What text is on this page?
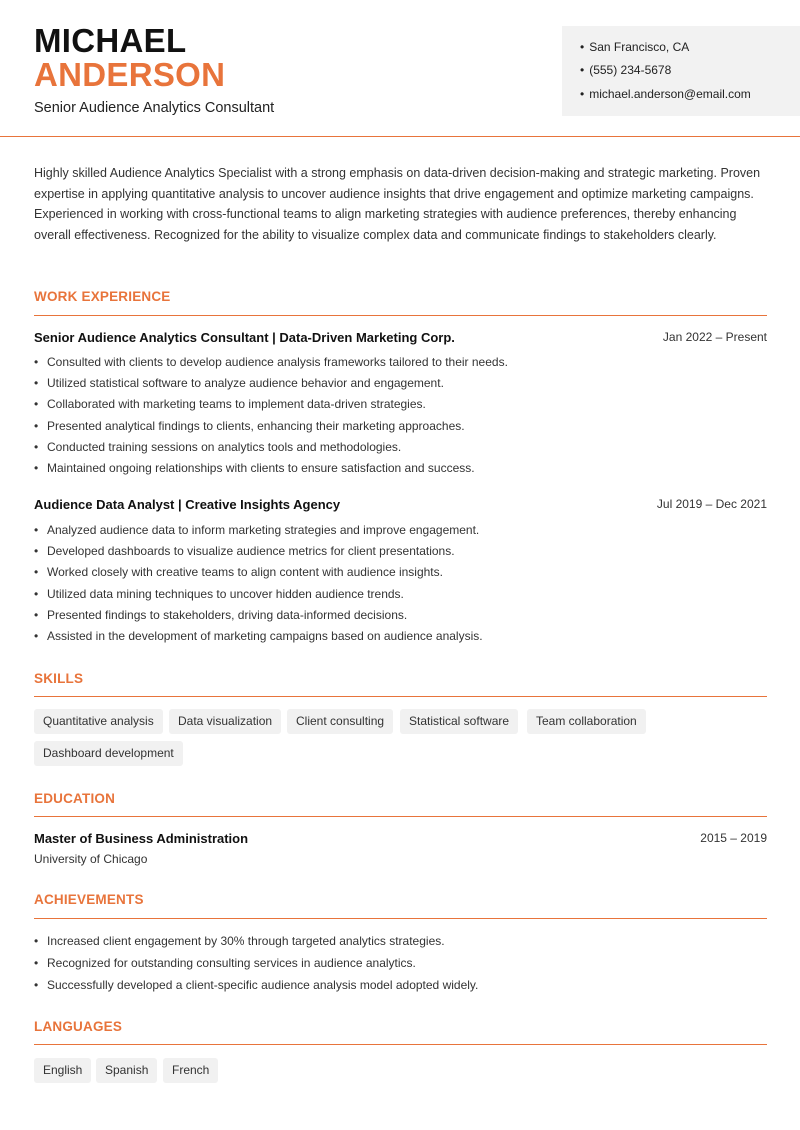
MICHAEL
ANDERSON
Senior Audience Analytics Consultant
• San Francisco, CA
• (555) 234-5678
• michael.anderson@email.com
Highly skilled Audience Analytics Specialist with a strong emphasis on data-driven decision-making and strategic marketing. Proven expertise in applying quantitative analysis to uncover audience insights that drive engagement and optimize marketing campaigns. Experienced in working with cross-functional teams to align marketing strategies with audience preferences, thereby enhancing overall effectiveness. Recognized for the ability to visualize complex data and communicate findings to stakeholders clearly.
WORK EXPERIENCE
Senior Audience Analytics Consultant | Data-Driven Marketing Corp.	Jan 2022 – Present
• Consulted with clients to develop audience analysis frameworks tailored to their needs.
• Utilized statistical software to analyze audience behavior and engagement.
• Collaborated with marketing teams to implement data-driven strategies.
• Presented analytical findings to clients, enhancing their marketing approaches.
• Conducted training sessions on analytics tools and methodologies.
• Maintained ongoing relationships with clients to ensure satisfaction and success.
Audience Data Analyst | Creative Insights Agency	Jul 2019 – Dec 2021
• Analyzed audience data to inform marketing strategies and improve engagement.
• Developed dashboards to visualize audience metrics for client presentations.
• Worked closely with creative teams to align content with audience insights.
• Utilized data mining techniques to uncover hidden audience trends.
• Presented findings to stakeholders, driving data-informed decisions.
• Assisted in the development of marketing campaigns based on audience analysis.
SKILLS
Quantitative analysis	Data visualization	Client consulting	Statistical software	Team collaboration
Dashboard development
EDUCATION
Master of Business Administration	2015 – 2019
University of Chicago
ACHIEVEMENTS
• Increased client engagement by 30% through targeted analytics strategies.
• Recognized for outstanding consulting services in audience analytics.
• Successfully developed a client-specific audience analysis model adopted widely.
LANGUAGES
English	Spanish	French
